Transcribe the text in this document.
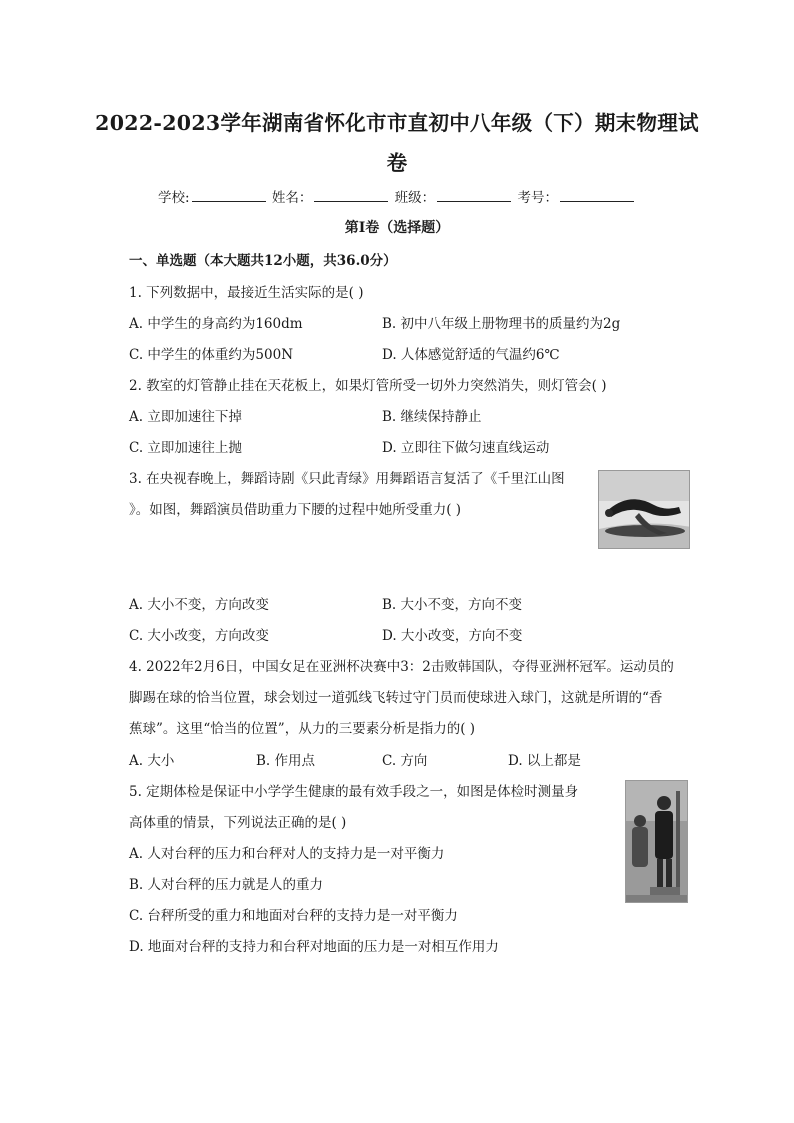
2022-2023学年湖南省怀化市市直初中八年级（下）期末物理试
卷
学校:	姓名：	班级：	考号：
第I卷（选择题）
一、单选题（本大题共12小题，共36.0分）
1. 下列数据中，最接近生活实际的是( )
A. 中学生的身高约为160dm	B. 初中八年级上册物理书的质量约为2g
C. 中学生的体重约为500N	D. 人体感觉舒适的气温约6℃
2. 教室的灯管静止挂在天花板上，如果灯管所受一切外力突然消失，则灯管会( )
A. 立即加速往下掉	B. 继续保持静止
C. 立即加速往上抛	D. 立即往下做匀速直线运动
3. 在央视春晚上，舞蹈诗剧《只此青绿》用舞蹈语言复活了《千里江山图
》。如图，舞蹈演员借助重力下腰的过程中她所受重力( )
A. 大小不变，方向改变	B. 大小不变，方向不变
C. 大小改变，方向改变	D. 大小改变，方向不变
4. 2022年2月6日，中国女足在亚洲杯决赛中3：2击败韩国队，夺得亚洲杯冠军。运动员的
脚踢在球的恰当位置，球会划过一道弧线飞转过守门员而使球进入球门，这就是所谓的“香
蕉球”。这里“恰当的位置”，从力的三要素分析是指力的( )
A. 大小	B. 作用点	C. 方向	D. 以上都是
5. 定期体检是保证中小学学生健康的最有效手段之一，如图是体检时测量身
高体重的情景，下列说法正确的是( )
A. 人对台秤的压力和台秤对人的支持力是一对平衡力
B. 人对台秤的压力就是人的重力
C. 台秤所受的重力和地面对台秤的支持力是一对平衡力
D. 地面对台秤的支持力和台秤对地面的压力是一对相互作用力
